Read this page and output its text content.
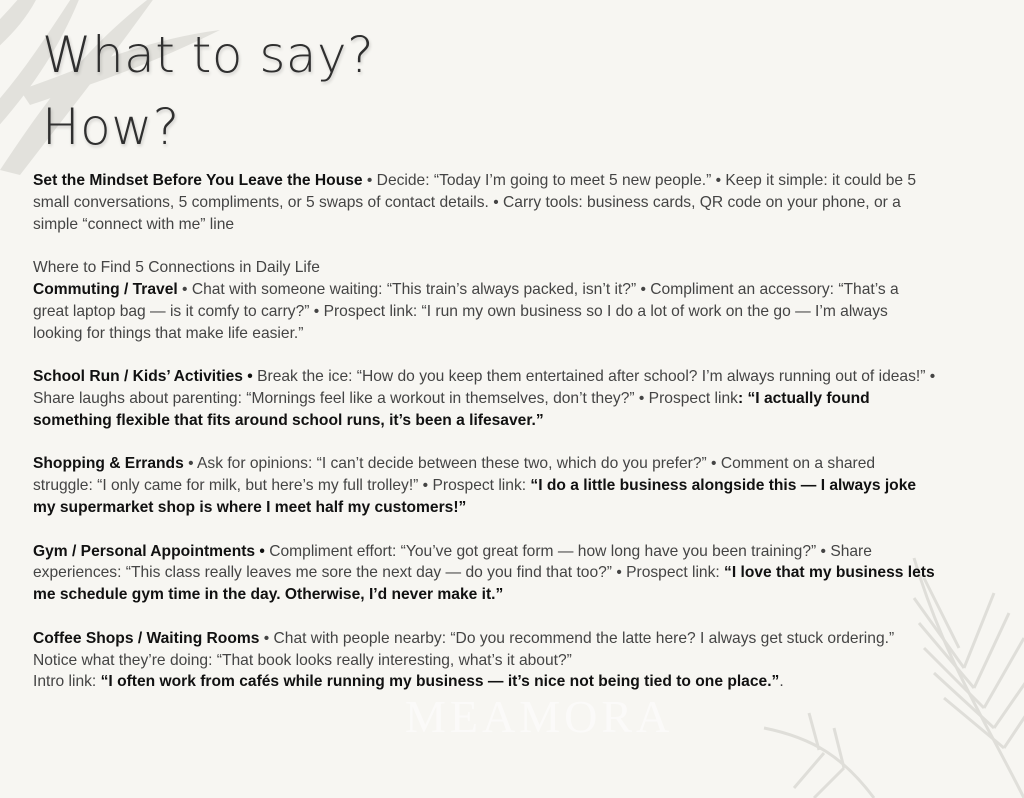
MEAMORA
What to say?
How?

Set the Mindset Before You Leave the House • Decide: “Today I’m going to meet 5 new people.” • Keep it simple: it could be 5 small conversations, 5 compliments, or 5 swaps of contact details. • Carry tools: business cards, QR code on your phone, or a simple “connect with me” line

Where to Find 5 Connections in Daily Life
Commuting / Travel • Chat with someone waiting: “This train’s always packed, isn’t it?” • Compliment an accessory: “That’s a great laptop bag — is it comfy to carry?” • Prospect link: “I run my own business so I do a lot of work on the go — I’m always looking for things that make life easier.”

School Run / Kids’ Activities • Break the ice: “How do you keep them entertained after school? I’m always running out of ideas!” • Share laughs about parenting: “Mornings feel like a workout in themselves, don’t they?” • Prospect link: “I actually found something flexible that fits around school runs, it’s been a lifesaver.”

Shopping & Errands • Ask for opinions: “I can’t decide between these two, which do you prefer?” • Comment on a shared struggle: “I only came for milk, but here’s my full trolley!” • Prospect link: “I do a little business alongside this — I always joke my supermarket shop is where I meet half my customers!”

Gym / Personal Appointments • Compliment effort: “You’ve got great form — how long have you been training?” • Share experiences: “This class really leaves me sore the next day — do you find that too?” • Prospect link: “I love that my business lets me schedule gym time in the day. Otherwise, I’d never make it.”

Coffee Shops / Waiting Rooms • Chat with people nearby: “Do you recommend the latte here? I always get stuck ordering.”
Notice what they’re doing: “That book looks really interesting, what’s it about?”
Intro link: “I often work from cafés while running my business — it’s nice not being tied to one place.”.
